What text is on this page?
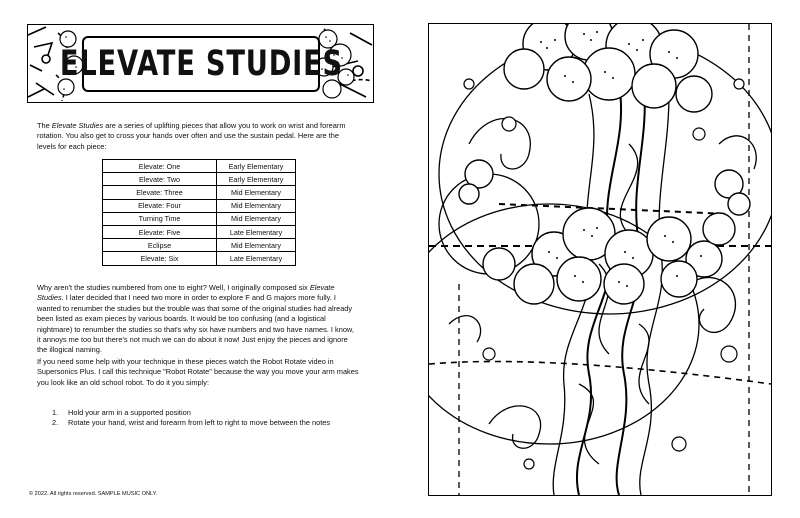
ELEVATE STUDIES
The Elevate Studies are a series of uplifting pieces that allow you to work on wrist and forearm rotation. You also get to cross your hands over often and use the sustain pedal. Here are the levels for each piece:
Elevate: One	Early Elementary
Elevate: Two	Early Elementary
Elevate: Three	Mid Elementary
Elevate: Four	Mid Elementary
Turning Time	Mid Elementary
Elevate: Five	Late Elementary
Eclipse	Mid Elementary
Elevate: Six	Late Elementary
Why aren't the studies numbered from one to eight? Well, I originally composed six Elevate Studies. I later decided that I need two more in order to explore F and G majors more fully. I wanted to renumber the studies but the trouble was that some of the original studies had already been listed as exam pieces by various boards. It would be too confusing (and a logistical nightmare) to renumber the studies so that's why six have numbers and two have names. I know, it annoys me too but there's not much we can do about it now! Just enjoy the pieces and ignore the illogical naming.
If you need some help with your technique in these pieces watch the Robot Rotate video in Supersonics Plus. I call this technique "Robot Rotate" because the way you move your arm makes you look like an old school robot. To do it you simply:
1.	Hold your arm in a supported position
2.	Rotate your hand, wrist and forearm from left to right to move between the notes
© 2022. All rights reserved. SAMPLE MUSIC ONLY.
